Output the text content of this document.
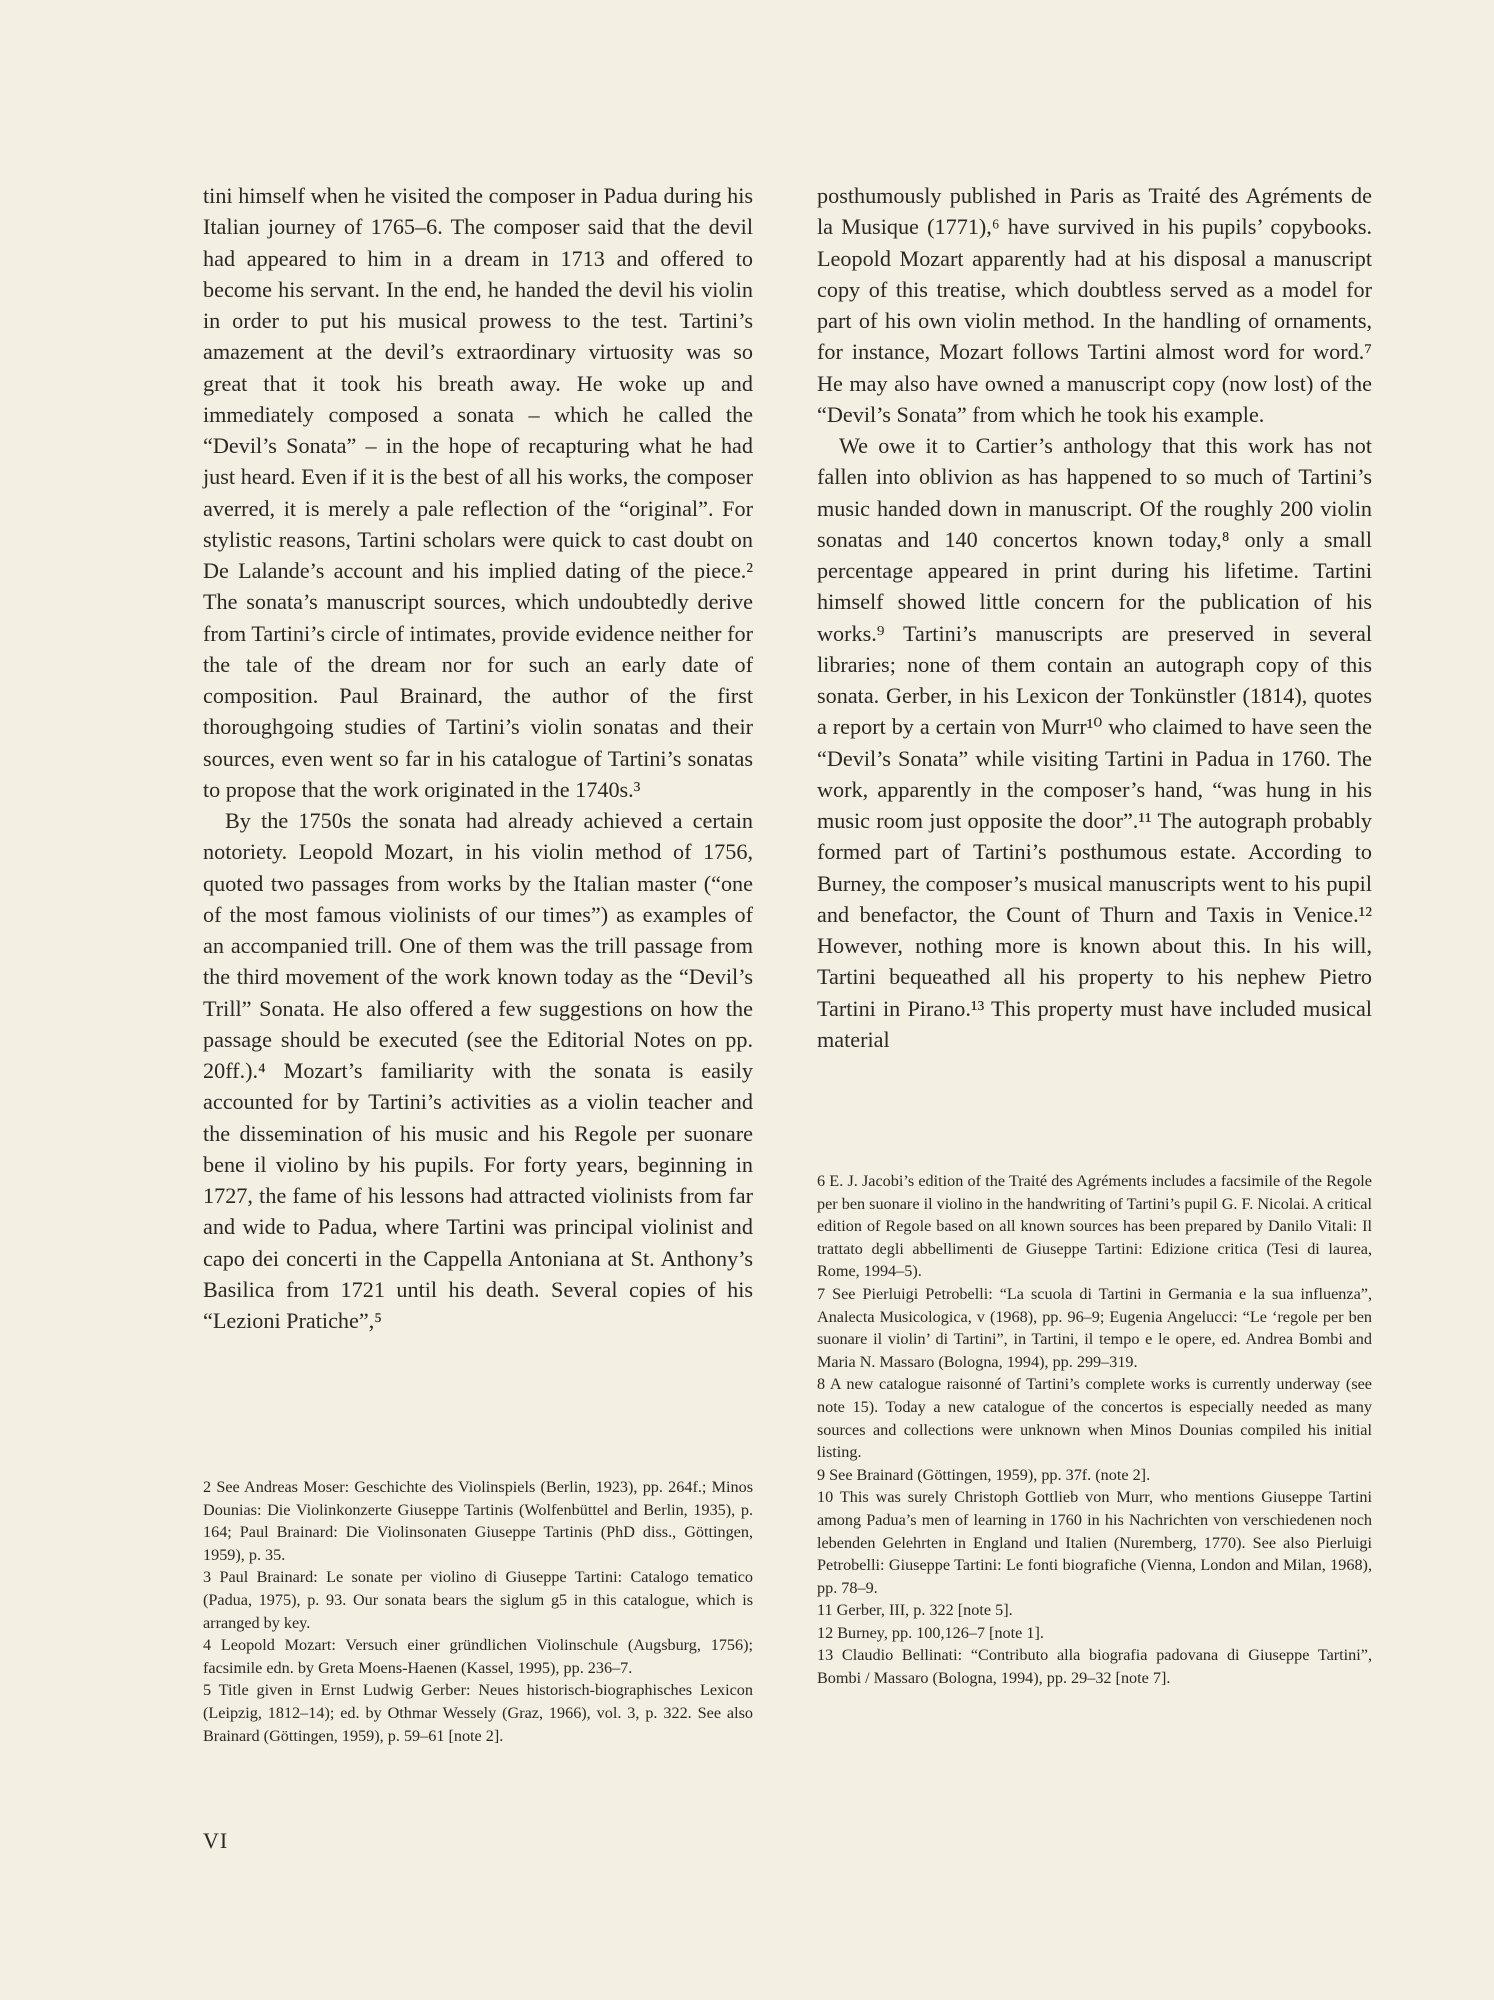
tini himself when he visited the composer in Padua during his Italian journey of 1765–6. The composer said that the devil had appeared to him in a dream in 1713 and offered to become his servant. In the end, he handed the devil his violin in order to put his musical prowess to the test. Tartini’s amazement at the devil’s extraordinary virtuosity was so great that it took his breath away. He woke up and immediately composed a sonata – which he called the “Devil’s Sonata” – in the hope of recapturing what he had just heard. Even if it is the best of all his works, the composer averred, it is merely a pale reflection of the “original”. For stylistic reasons, Tartini scholars were quick to cast doubt on De Lalande’s account and his implied dating of the piece.² The sonata’s manuscript sources, which undoubtedly derive from Tartini’s circle of intimates, provide evidence neither for the tale of the dream nor for such an early date of composition. Paul Brainard, the author of the first thoroughgoing studies of Tartini’s violin sonatas and their sources, even went so far in his catalogue of Tartini’s sonatas to propose that the work originated in the 1740s.³

By the 1750s the sonata had already achieved a certain notoriety. Leopold Mozart, in his violin method of 1756, quoted two passages from works by the Italian master (“one of the most famous violinists of our times”) as examples of an accompanied trill. One of them was the trill passage from the third movement of the work known today as the “Devil’s Trill” Sonata. He also offered a few suggestions on how the passage should be executed (see the Editorial Notes on pp. 20ff.).⁴ Mozart’s familiarity with the sonata is easily accounted for by Tartini’s activities as a violin teacher and the dissemination of his music and his Regole per suonare bene il violino by his pupils. For forty years, beginning in 1727, the fame of his lessons had attracted violinists from far and wide to Padua, where Tartini was principal violinist and capo dei concerti in the Cappella Antoniana at St. Anthony’s Basilica from 1721 until his death. Several copies of his “Lezioni Pratiche”,⁵

posthumously published in Paris as Traité des Agréments de la Musique (1771),⁶ have survived in his pupils’ copybooks. Leopold Mozart apparently had at his disposal a manuscript copy of this treatise, which doubtless served as a model for part of his own violin method. In the handling of ornaments, for instance, Mozart follows Tartini almost word for word.⁷ He may also have owned a manuscript copy (now lost) of the “Devil’s Sonata” from which he took his example.

We owe it to Cartier’s anthology that this work has not fallen into oblivion as has happened to so much of Tartini’s music handed down in manuscript. Of the roughly 200 violin sonatas and 140 concertos known today,⁸ only a small percentage appeared in print during his lifetime. Tartini himself showed little concern for the publication of his works.⁹ Tartini’s manuscripts are preserved in several libraries; none of them contain an autograph copy of this sonata. Gerber, in his Lexicon der Tonkünstler (1814), quotes a report by a certain von Murr¹⁰ who claimed to have seen the “Devil’s Sonata” while visiting Tartini in Padua in 1760. The work, apparently in the composer’s hand, “was hung in his music room just opposite the door”.¹¹ The autograph probably formed part of Tartini’s posthumous estate. According to Burney, the composer’s musical manuscripts went to his pupil and benefactor, the Count of Thurn and Taxis in Venice.¹² However, nothing more is known about this. In his will, Tartini bequeathed all his property to his nephew Pietro Tartini in Pirano.¹³ This property must have included musical material

2 See Andreas Moser: Geschichte des Violinspiels (Berlin, 1923), pp. 264f.; Minos Dounias: Die Violinkonzerte Giuseppe Tartinis (Wolfenbüttel and Berlin, 1935), p. 164; Paul Brainard: Die Violinsonaten Giuseppe Tartinis (PhD diss., Göttingen, 1959), p. 35.

3 Paul Brainard: Le sonate per violino di Giuseppe Tartini: Catalogo tematico (Padua, 1975), p. 93. Our sonata bears the siglum g5 in this catalogue, which is arranged by key.

4 Leopold Mozart: Versuch einer gründlichen Violinschule (Augsburg, 1756); facsimile edn. by Greta Moens-Haenen (Kassel, 1995), pp. 236–7.

5 Title given in Ernst Ludwig Gerber: Neues historisch-biographisches Lexicon (Leipzig, 1812–14); ed. by Othmar Wessely (Graz, 1966), vol. 3, p. 322. See also Brainard (Göttingen, 1959), p. 59–61 [note 2].

6 E. J. Jacobi’s edition of the Traité des Agréments includes a facsimile of the Regole per ben suonare il violino in the handwriting of Tartini’s pupil G. F. Nicolai. A critical edition of Regole based on all known sources has been prepared by Danilo Vitali: Il trattato degli abbellimenti de Giuseppe Tartini: Edizione critica (Tesi di laurea, Rome, 1994–5).

7 See Pierluigi Petrobelli: “La scuola di Tartini in Germania e la sua influenza”, Analecta Musicologica, v (1968), pp. 96–9; Eugenia Angelucci: “Le ‘regole per ben suonare il violin’ di Tartini”, in Tartini, il tempo e le opere, ed. Andrea Bombi and Maria N. Massaro (Bologna, 1994), pp. 299–319.

8 A new catalogue raisonné of Tartini’s complete works is currently underway (see note 15). Today a new catalogue of the concertos is especially needed as many sources and collections were unknown when Minos Dounias compiled his initial listing.

9 See Brainard (Göttingen, 1959), pp. 37f. (note 2].

10 This was surely Christoph Gottlieb von Murr, who mentions Giuseppe Tartini among Padua’s men of learning in 1760 in his Nachrichten von verschiedenen noch lebenden Gelehrten in England und Italien (Nuremberg, 1770). See also Pierluigi Petrobelli: Giuseppe Tartini: Le fonti biografiche (Vienna, London and Milan, 1968), pp. 78–9.

11 Gerber, III, p. 322 [note 5].

12 Burney, pp. 100,126–7 [note 1].

13 Claudio Bellinati: “Contributo alla biografia padovana di Giuseppe Tartini”, Bombi / Massaro (Bologna, 1994), pp. 29–32 [note 7].

VI
